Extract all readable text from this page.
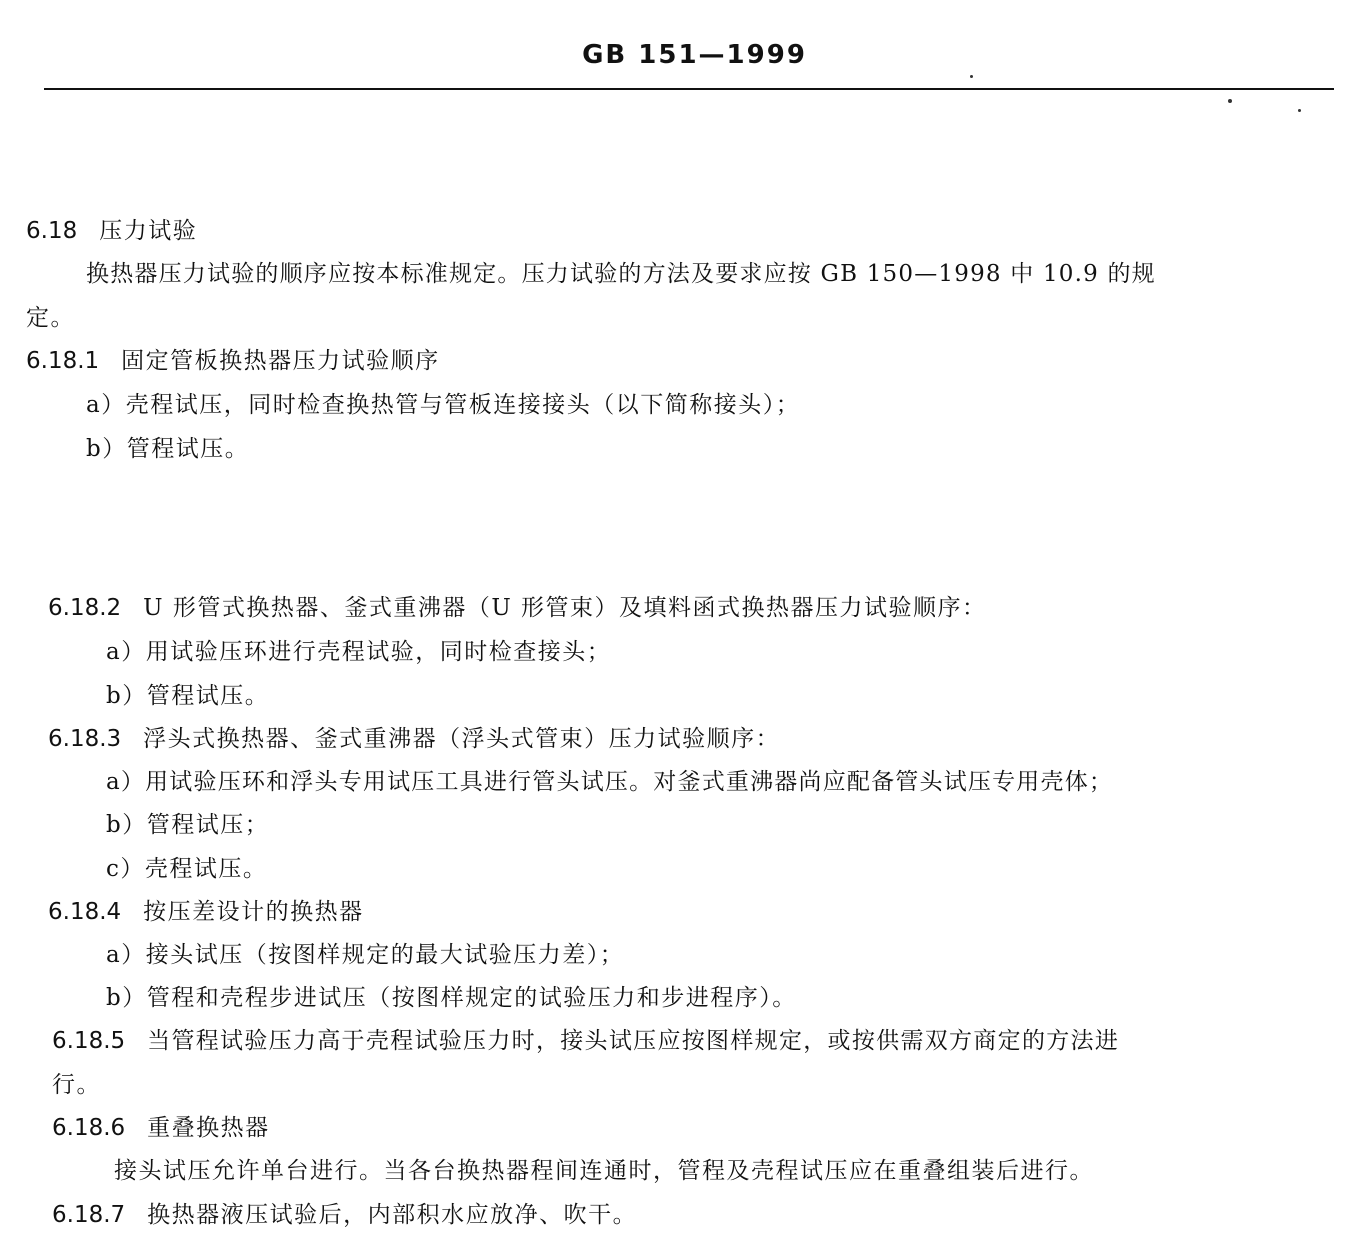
GB 151—1999

6.18 压力试验

换热器压力试验的顺序应按本标准规定。压力试验的方法及要求应按 GB 150—1998 中 10.9 的规

定。

6.18.1 固定管板换热器压力试验顺序

a）壳程试压，同时检查换热管与管板连接接头（以下简称接头）；

b）管程试压。

6.18.2 U 形管式换热器、釜式重沸器（U 形管束）及填料函式换热器压力试验顺序：

a）用试验压环进行壳程试验，同时检查接头；

b）管程试压。

6.18.3 浮头式换热器、釜式重沸器（浮头式管束）压力试验顺序：

a）用试验压环和浮头专用试压工具进行管头试压。对釜式重沸器尚应配备管头试压专用壳体；

b）管程试压；

c）壳程试压。

6.18.4 按压差设计的换热器

a）接头试压（按图样规定的最大试验压力差）；

b）管程和壳程步进试压（按图样规定的试验压力和步进程序）。

6.18.5 当管程试验压力高于壳程试验压力时，接头试压应按图样规定，或按供需双方商定的方法进

行。

6.18.6 重叠换热器

接头试压允许单台进行。当各台换热器程间连通时，管程及壳程试压应在重叠组装后进行。

6.18.7 换热器液压试验后，内部积水应放净、吹干。
